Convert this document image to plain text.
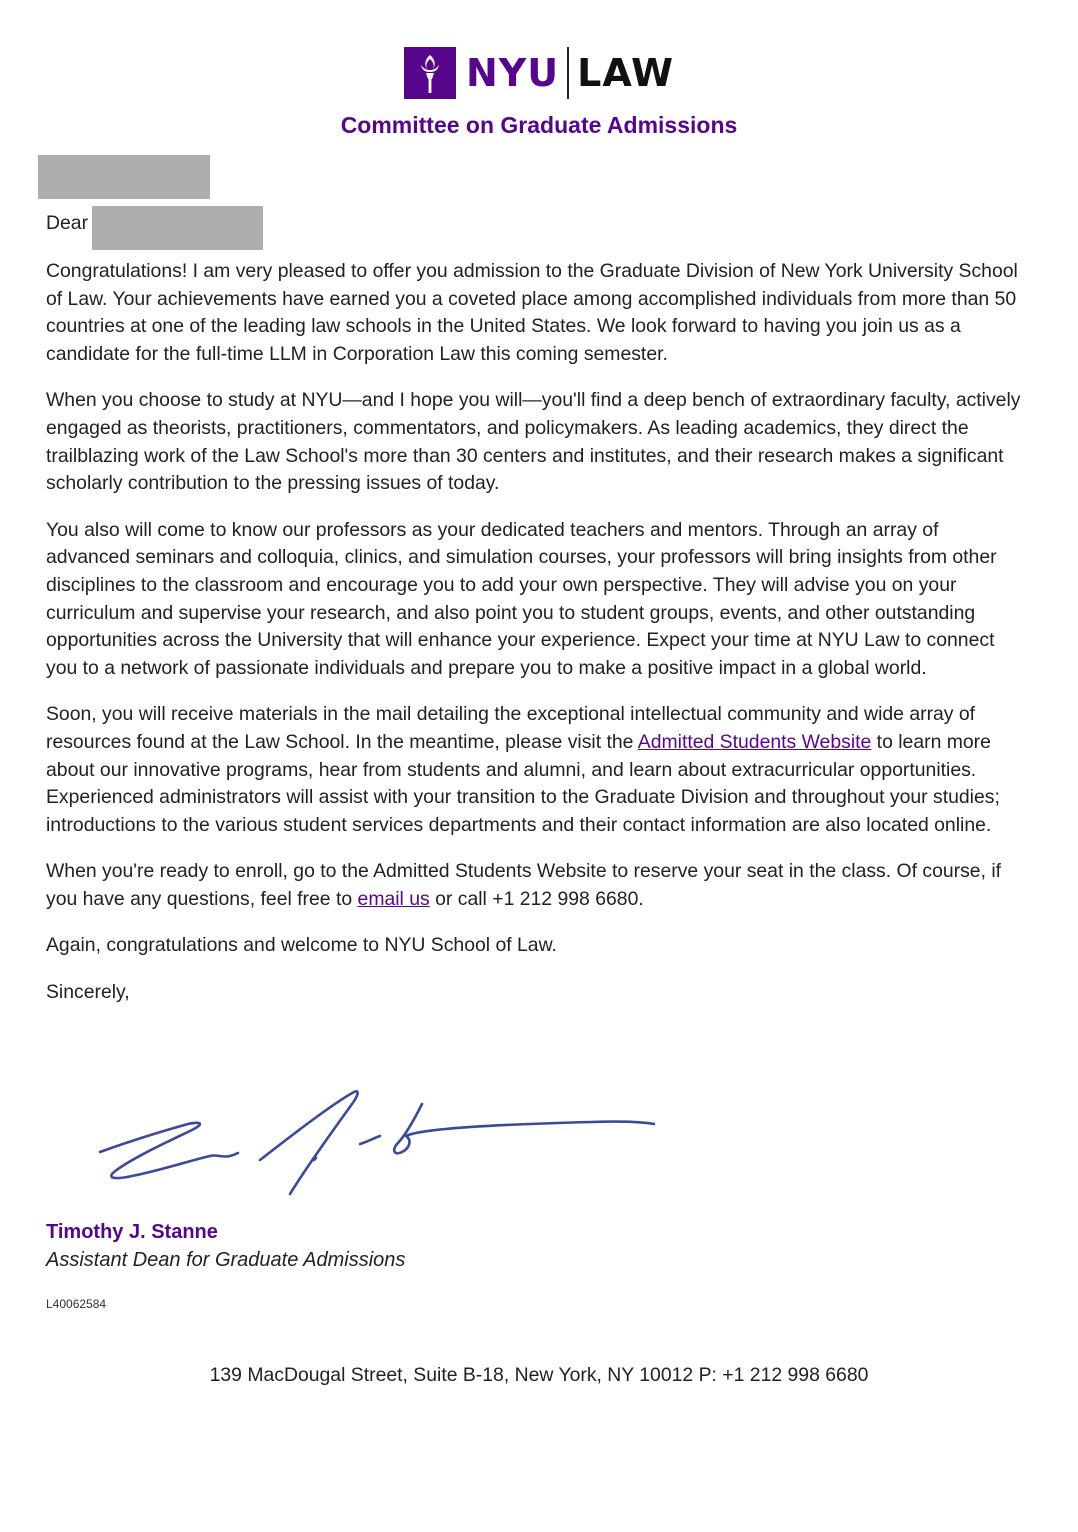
NYU LAW
Committee on Graduate Admissions
Dear

Congratulations! I am very pleased to offer you admission to the Graduate Division of New York University School of Law. Your achievements have earned you a coveted place among accomplished individuals from more than 50 countries at one of the leading law schools in the United States. We look forward to having you join us as a candidate for the full-time LLM in Corporation Law this coming semester.

When you choose to study at NYU—and I hope you will—you'll find a deep bench of extraordinary faculty, actively engaged as theorists, practitioners, commentators, and policymakers. As leading academics, they direct the trailblazing work of the Law School's more than 30 centers and institutes, and their research makes a significant scholarly contribution to the pressing issues of today.

You also will come to know our professors as your dedicated teachers and mentors. Through an array of advanced seminars and colloquia, clinics, and simulation courses, your professors will bring insights from other disciplines to the classroom and encourage you to add your own perspective. They will advise you on your curriculum and supervise your research, and also point you to student groups, events, and other outstanding opportunities across the University that will enhance your experience. Expect your time at NYU Law to connect you to a network of passionate individuals and prepare you to make a positive impact in a global world.

Soon, you will receive materials in the mail detailing the exceptional intellectual community and wide array of resources found at the Law School. In the meantime, please visit the Admitted Students Website to learn more about our innovative programs, hear from students and alumni, and learn about extracurricular opportunities. Experienced administrators will assist with your transition to the Graduate Division and throughout your studies; introductions to the various student services departments and their contact information are also located online.

When you're ready to enroll, go to the Admitted Students Website to reserve your seat in the class. Of course, if you have any questions, feel free to email us or call +1 212 998 6680.

Again, congratulations and welcome to NYU School of Law.

Sincerely,

Timothy J. Stanne
Assistant Dean for Graduate Admissions
L40062584
139 MacDougal Street, Suite B-18, New York, NY 10012 P: +1 212 998 6680
